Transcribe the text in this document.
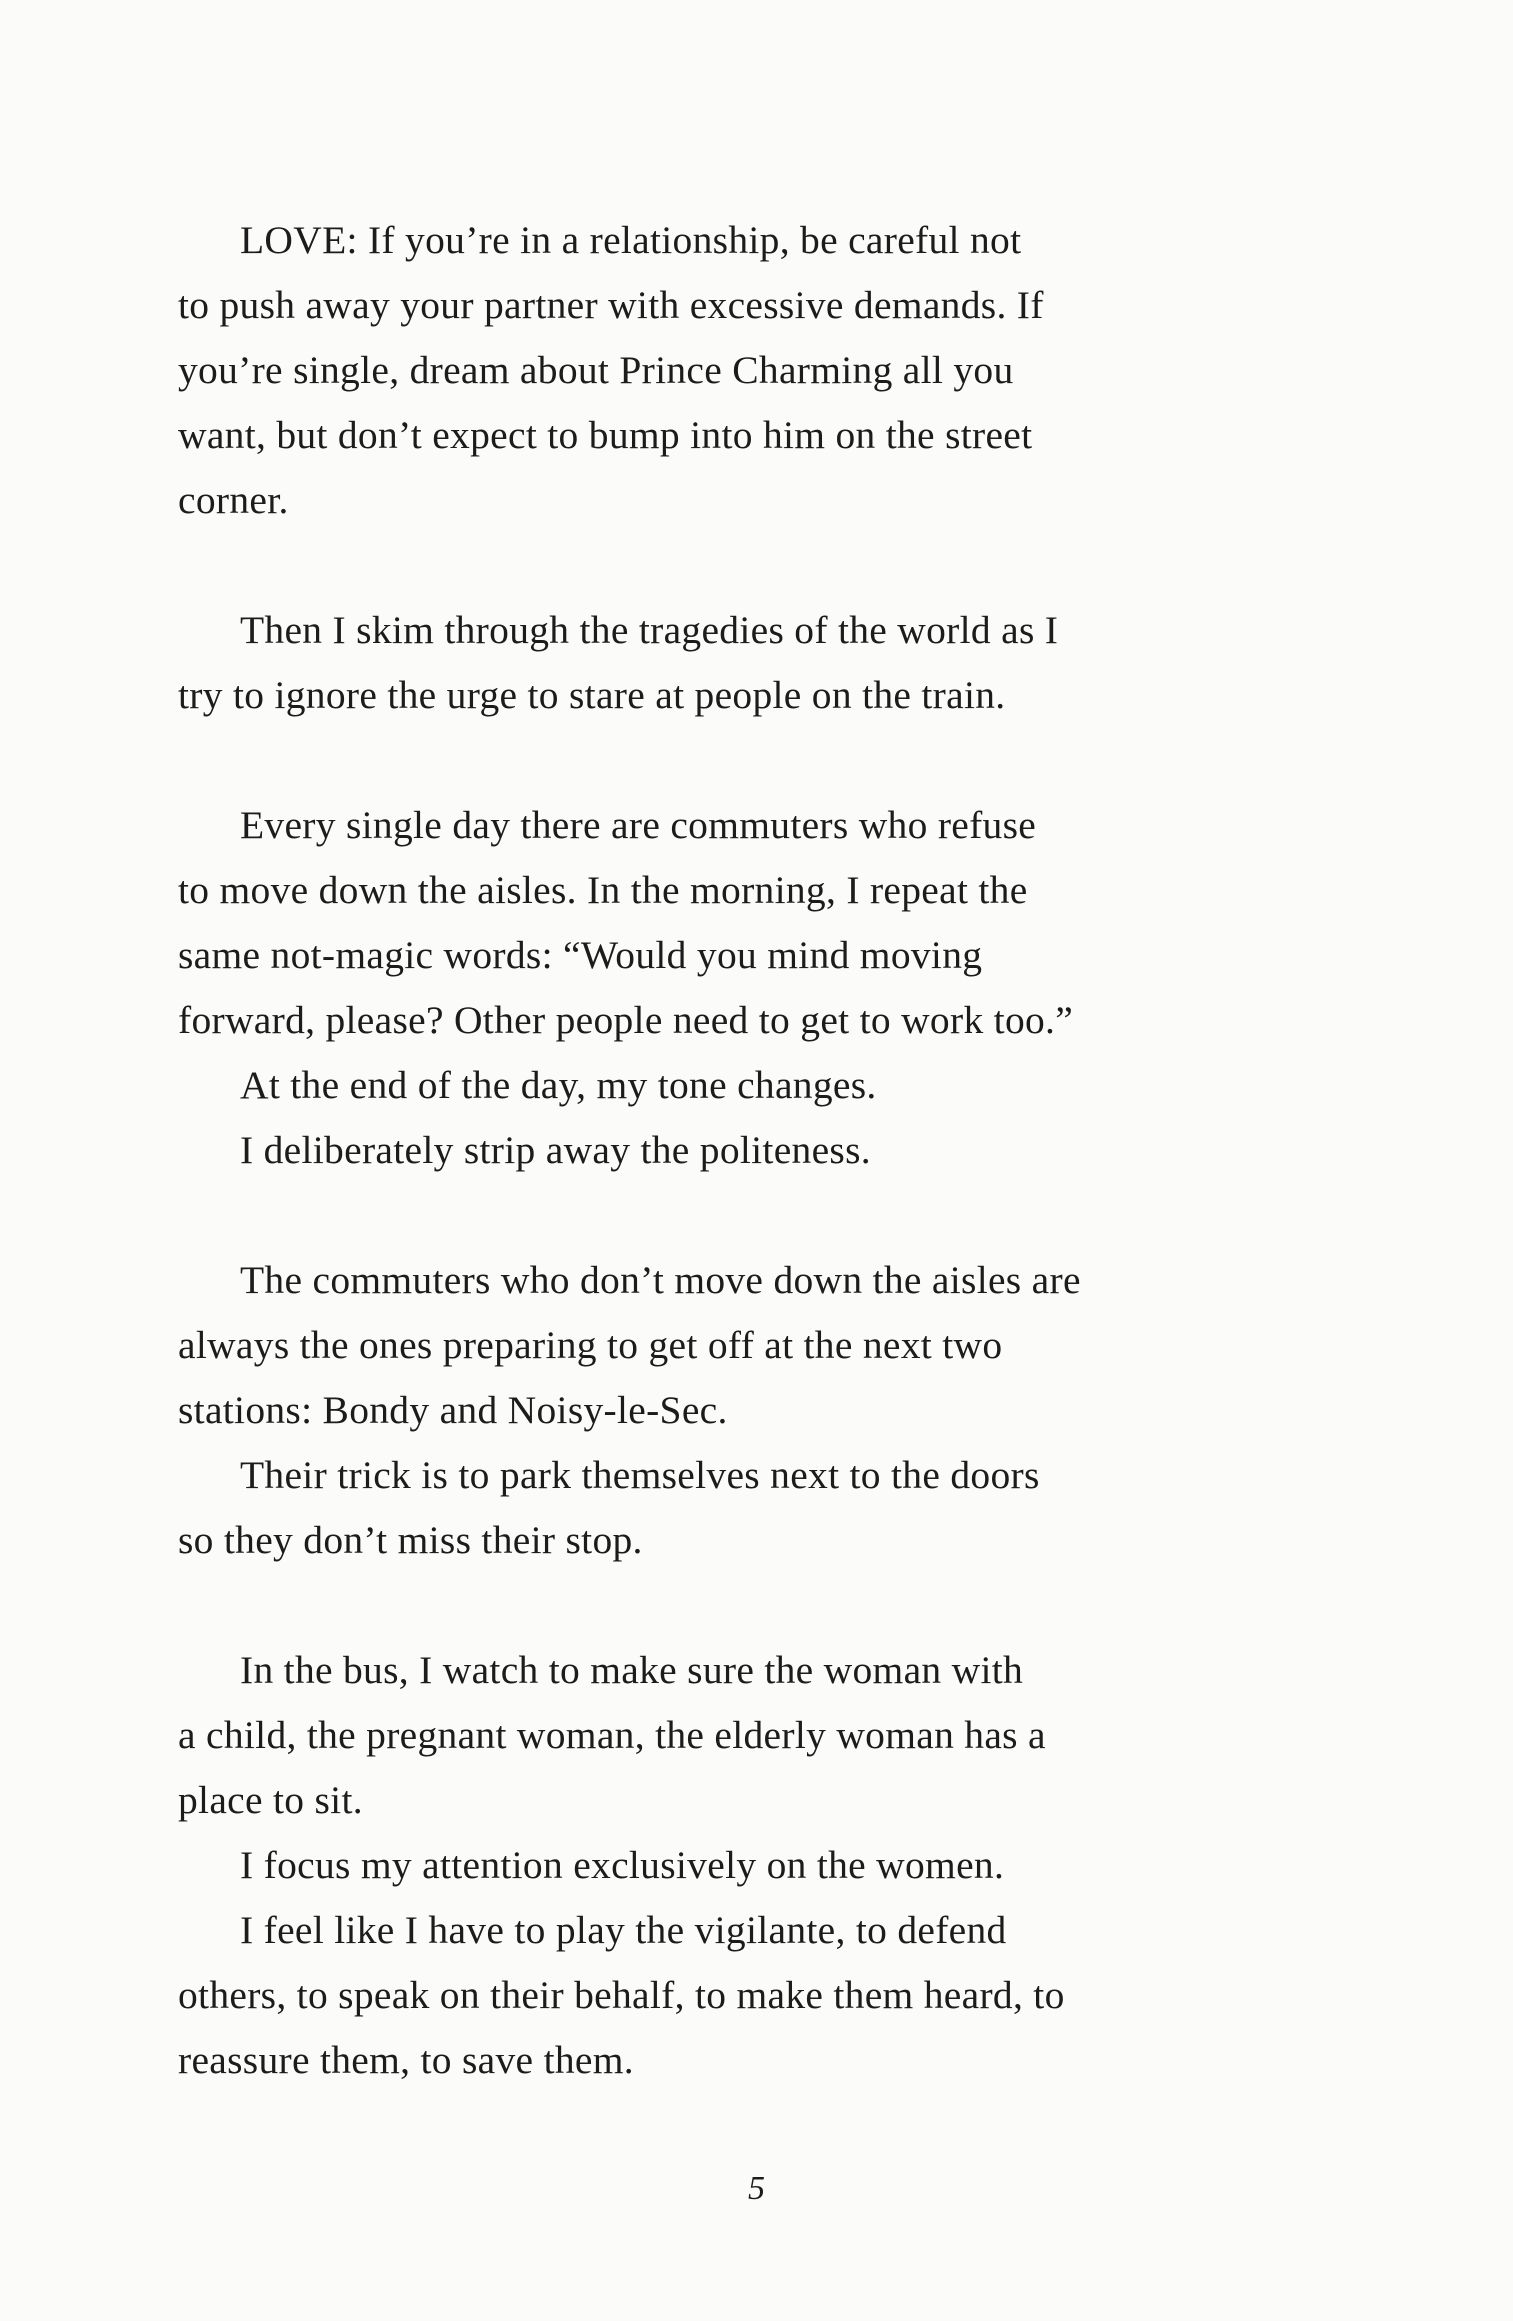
LOVE: If you’re in a relationship, be careful not
to push away your partner with excessive demands. If
you’re single, dream about Prince Charming all you
want, but don’t expect to bump into him on the street
corner.

Then I skim through the tragedies of the world as I
try to ignore the urge to stare at people on the train.

Every single day there are commuters who refuse
to move down the aisles. In the morning, I repeat the
same not-magic words: “Would you mind moving
forward, please? Other people need to get to work too.”

At the end of the day, my tone changes.

I deliberately strip away the politeness.

The commuters who don’t move down the aisles are
always the ones preparing to get off at the next two
stations: Bondy and Noisy-le-Sec.

Their trick is to park themselves next to the doors
so they don’t miss their stop.

In the bus, I watch to make sure the woman with
a child, the pregnant woman, the elderly woman has a
place to sit.

I focus my attention exclusively on the women.

I feel like I have to play the vigilante, to defend
others, to speak on their behalf, to make them heard, to
reassure them, to save them.

5
